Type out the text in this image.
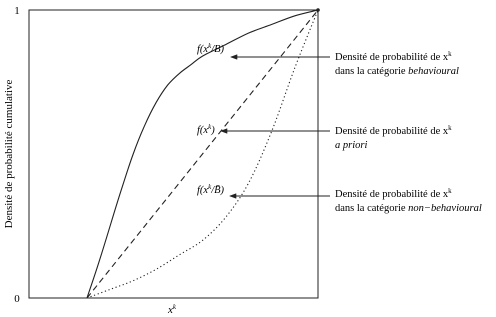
0
1
Densité de probabilité cumulative
$x^k$
$f(x^k/B)$
$f(x^k)$
$f(x^k/B̄)$
Densité de probabilité de $x^k$
dans la catégorie behavioural
Densité de probabilité de $x^k$
a priori
Densité de probabilité de $x^k$
dans la catégorie non−behavioural
